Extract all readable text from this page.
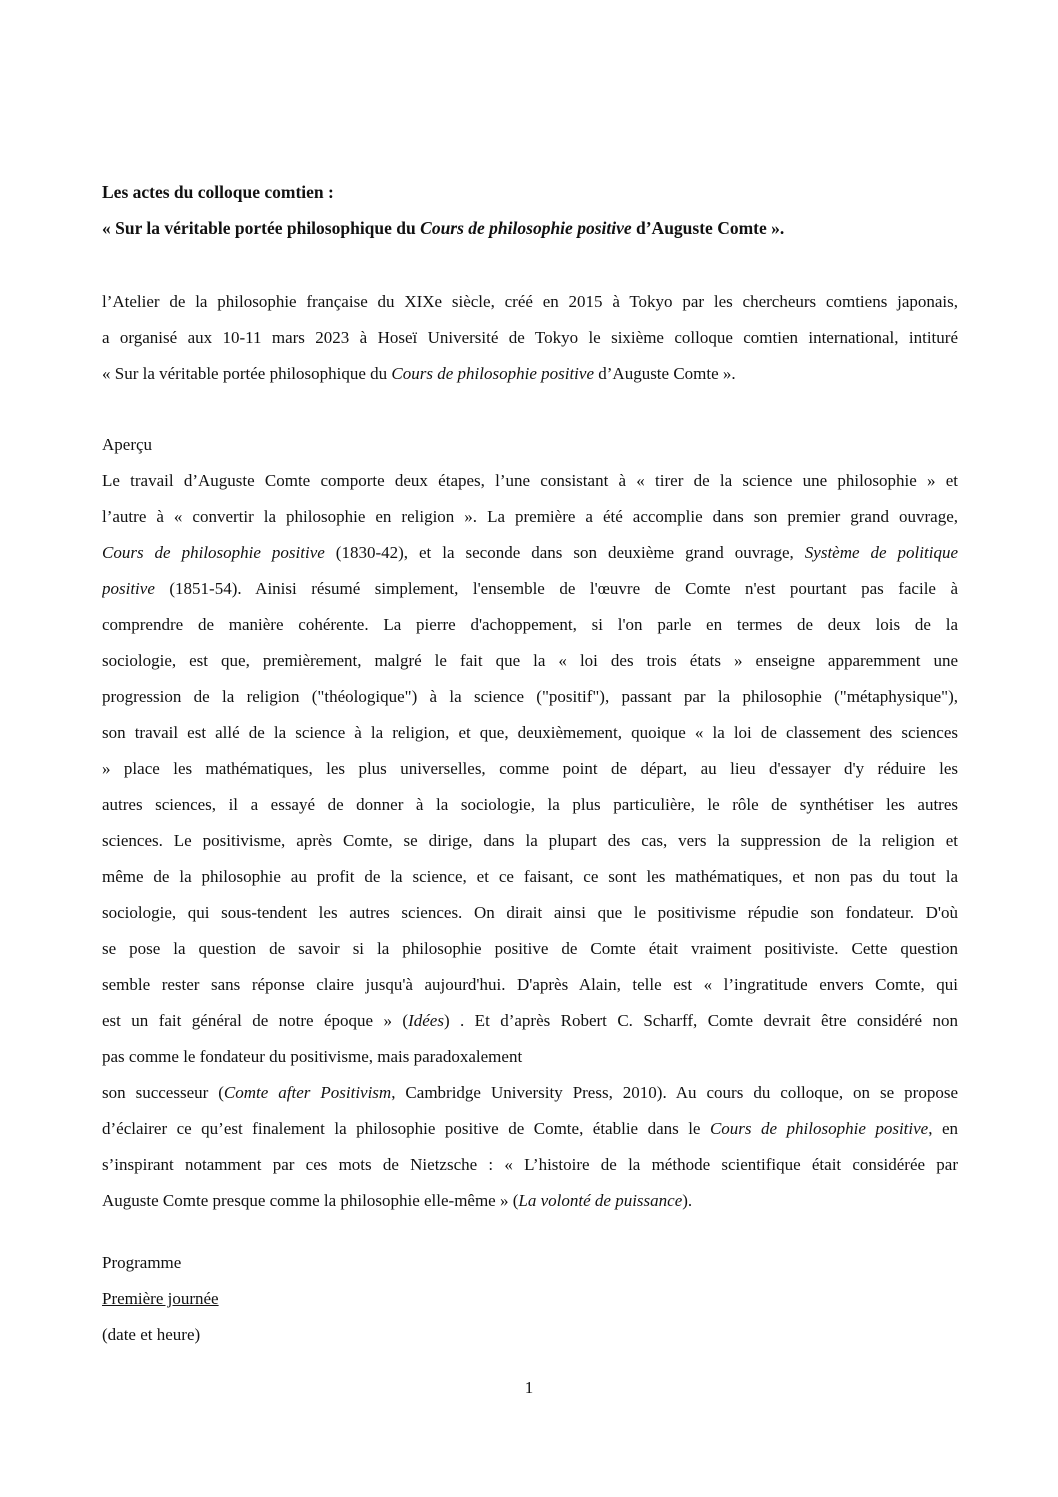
Les actes du colloque comtien :
« Sur la véritable portée philosophique du Cours de philosophie positive d’Auguste Comte ».
l’Atelier de la philosophie française du XIXe siècle, créé en 2015 à Tokyo par les chercheurs comtiens japonais,
a organisé aux 10-11 mars 2023 à Hoseï Université de Tokyo le sixième colloque comtien international, intituré
« Sur la véritable portée philosophique du Cours de philosophie positive d’Auguste Comte ».
Aperçu
Le travail d’Auguste Comte comporte deux étapes, l’une consistant à « tirer de la science une philosophie » et
l’autre à « convertir la philosophie en religion ». La première a été accomplie dans son premier grand ouvrage,
Cours de philosophie positive (1830-42), et la seconde dans son deuxième grand ouvrage, Système de politique
positive (1851-54). Ainisi résumé simplement, l'ensemble de l'œuvre de Comte n'est pourtant pas facile à
comprendre de manière cohérente. La pierre d'achoppement, si l'on parle en termes de deux lois de la
sociologie, est que, premièrement, malgré le fait que la « loi des trois états » enseigne apparemment une
progression de la religion ("théologique") à la science ("positif"), passant par la philosophie ("métaphysique"),
son travail est allé de la science à la religion, et que, deuxièmement, quoique « la loi de classement des sciences
» place les mathématiques, les plus universelles, comme point de départ, au lieu d'essayer d'y réduire les
autres sciences, il a essayé de donner à la sociologie, la plus particulière, le rôle de synthétiser les autres
sciences. Le positivisme, après Comte, se dirige, dans la plupart des cas, vers la suppression de la religion et
même de la philosophie au profit de la science, et ce faisant, ce sont les mathématiques, et non pas du tout la
sociologie, qui sous-tendent les autres sciences. On dirait ainsi que le positivisme répudie son fondateur. D'où
se pose la question de savoir si la philosophie positive de Comte était vraiment positiviste. Cette question
semble rester sans réponse claire jusqu'à aujourd'hui. D'après Alain, telle est « l’ingratitude envers Comte, qui
est un fait général de notre époque » (Idées) . Et d’après Robert C. Scharff, Comte devrait être considéré non
pas comme le fondateur du positivisme, mais paradoxalement
son successeur (Comte after Positivism, Cambridge University Press, 2010). Au cours du colloque, on se propose
d’éclairer ce qu’est finalement la philosophie positive de Comte, établie dans le Cours de philosophie positive, en
s’inspirant notamment par ces mots de Nietzsche : « L’histoire de la méthode scientifique était considérée par
Auguste Comte presque comme la philosophie elle-même » (La volonté de puissance).
Programme
Première journée
(date et heure)
1
